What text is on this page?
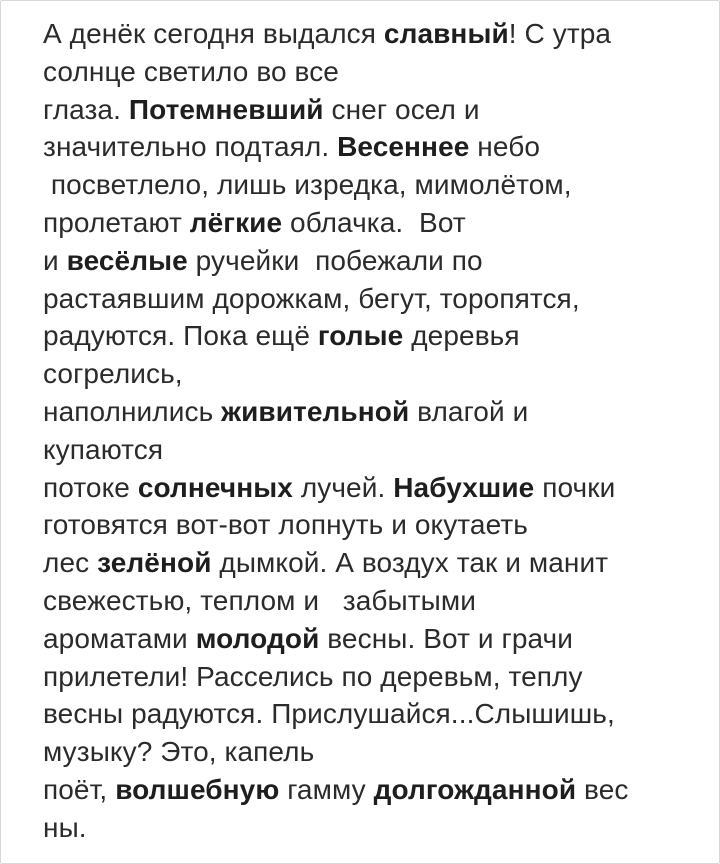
А денёк сегодня выдался славный! С утра
солнце светило во все
глаза. Потемневший снег осел и
значительно подтаял. Весеннее небо
посветлело, лишь изредка, мимолётом,
пролетают лёгкие облачка.  Вот
и весёлые ручейки  побежали по
растаявшим дорожкам, бегут, торопятся,
радуются. Пока ещё голые деревья
согрелись,
наполнились живительной влагой и
купаются
потоке солнечных лучей. Набухшие почки
готовятся вот-вот лопнуть и окутаеть
лес зелёной дымкой. А воздух так и манит
свежестью, теплом и   забытыми
ароматами молодой весны. Вот и грачи
прилетели! Расселись по деревьм, теплу
весны радуются. Прислушайся...Слышишь,
музыку? Это, капель
поёт, волшебную гамму долгожданной вес
ны.
